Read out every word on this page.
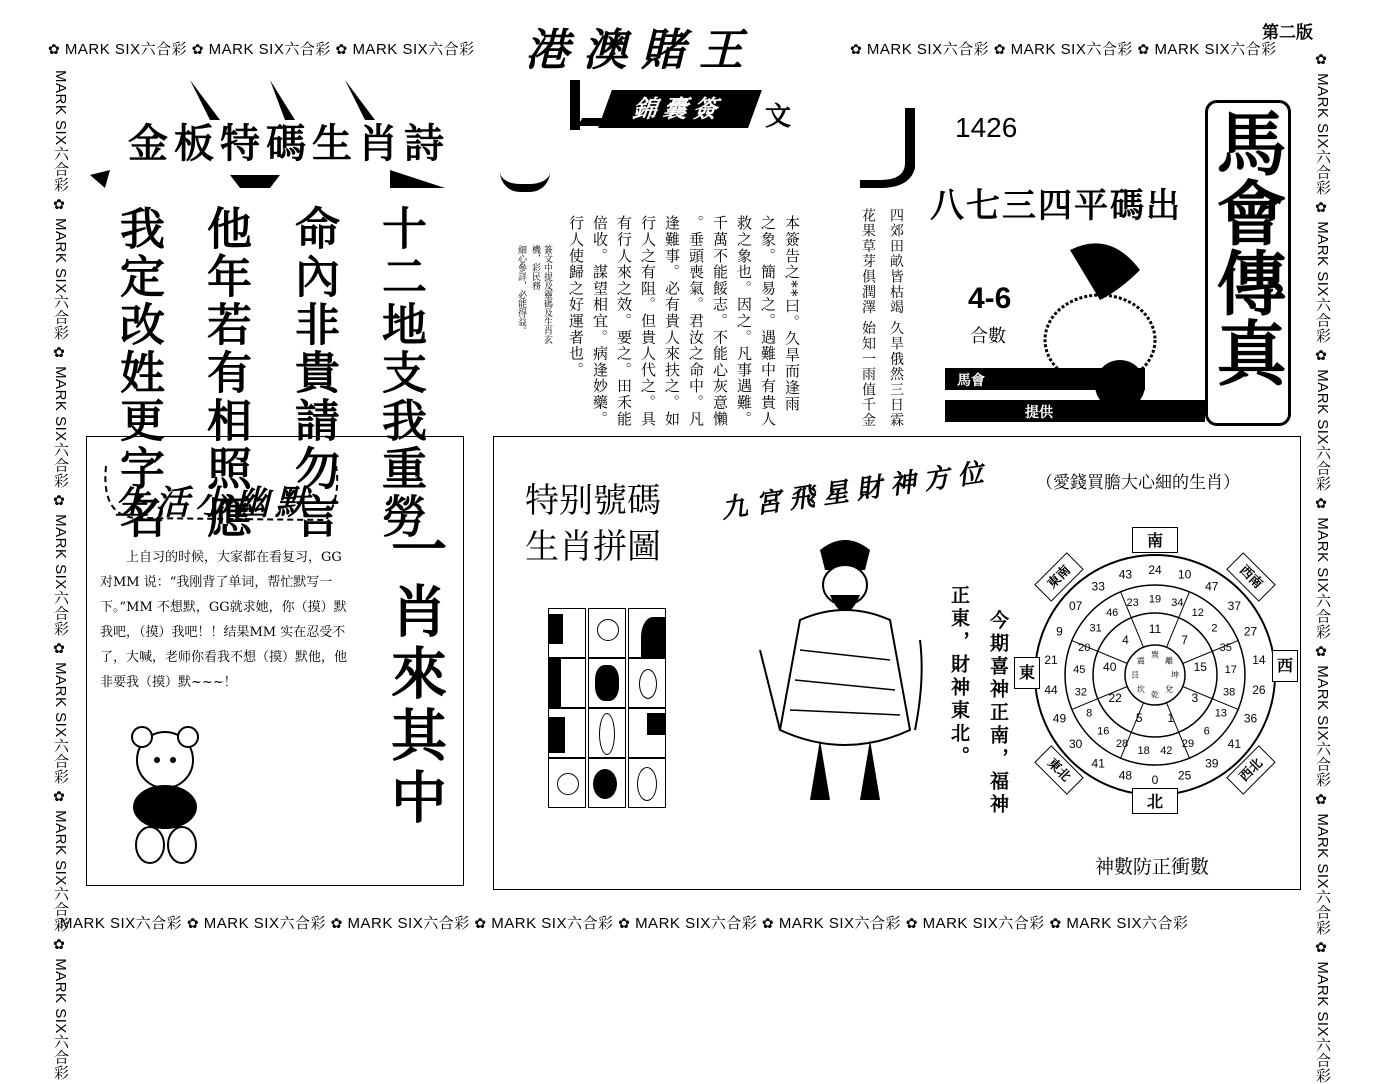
✿ MARK SIX六合彩 ✿ MARK SIX六合彩 ✿ MARK SIX六合彩	✿ MARK SIX六合彩 ✿ MARK SIX六合彩 ✿ MARK SIX六合彩
第二版
MARK SIX六合彩 ✿ MARK SIX六合彩 ✿ MARK SIX六合彩 ✿ MARK SIX六合彩 ✿ MARK SIX六合彩 ✿ MARK SIX六合彩 ✿ MARK SIX六合彩 ✿ MARK SIX六合彩
MARK SIX六合彩 ✿ MARK SIX六合彩 ✿ MARK SIX六合彩 ✿ MARK SIX六合彩 ✿ MARK SIX六合彩 ✿ MARK SIX六合彩 ✿ MARK SIX六合彩
✿ MARK SIX六合彩 ✿ MARK SIX六合彩 ✿ MARK SIX六合彩 ✿ MARK SIX六合彩 ✿ MARK SIX六合彩 ✿ MARK SIX六合彩 ✿ MARK SIX六合彩
港澳賭王
錦囊簽	文	1426
金板特碼生肖詩
十二地支我重勞
命內非貴請勿言
他年若有相照應
我定改姓更字名	本簽告之**曰。久旱而逢雨
之象。簡易之。遇難中有貴人
救之象也。因之。凡事遇難。
千萬不能餒志。不能心灰意懶
。垂頭喪氣。君汝之命中。凡
逢難事。必有貴人來扶之。如
行人之有阻。但貴人代之。具
有行人來之效。要之。田禾能
倍收。謀望相宜。病逢妙藥。
行人使歸之好運者也。
簽文中提及靈碼及生肖玄機，彩民務
細心參詳，必能得益。	四郊田畝皆枯竭 久旱俄然三日霖
花果草芽俱潤澤 始知一雨值千金
八七三四平碼出 馬會傳真
4-6
合數
馬會
提供
生活小幽默
上自习的时候，大家都在看复习，GG对MM 说：“我刚背了单词，帮忙默写一下。”MM 不想默，GG就求她，你（摸）默我吧，（摸）我吧！！结果MM 实在忍受不了，大喊，老师你看我不想（摸）默他，他非要我（摸）默~~~！	一肖來其中
特别號碼
生肖拼圖
九宮飛星財神方位
正東，財神東北。 今期喜神正南，福神
（愛錢買膽大心細的生肖）
神數防正衝數
24 10
47
37
27
14
26
36
41
39
25
0
48
41
30
49
44
21
9
07
33
43
19 34
12
2
35
17
38
13
6
29
42
18
28
16
8
32
45
20
31
46
23
11
7
15
3
1
5
22
40
4
巽
離
坤
兌
乾
坎
艮
震
南
北
東	西
東南	西南
東北	西北
